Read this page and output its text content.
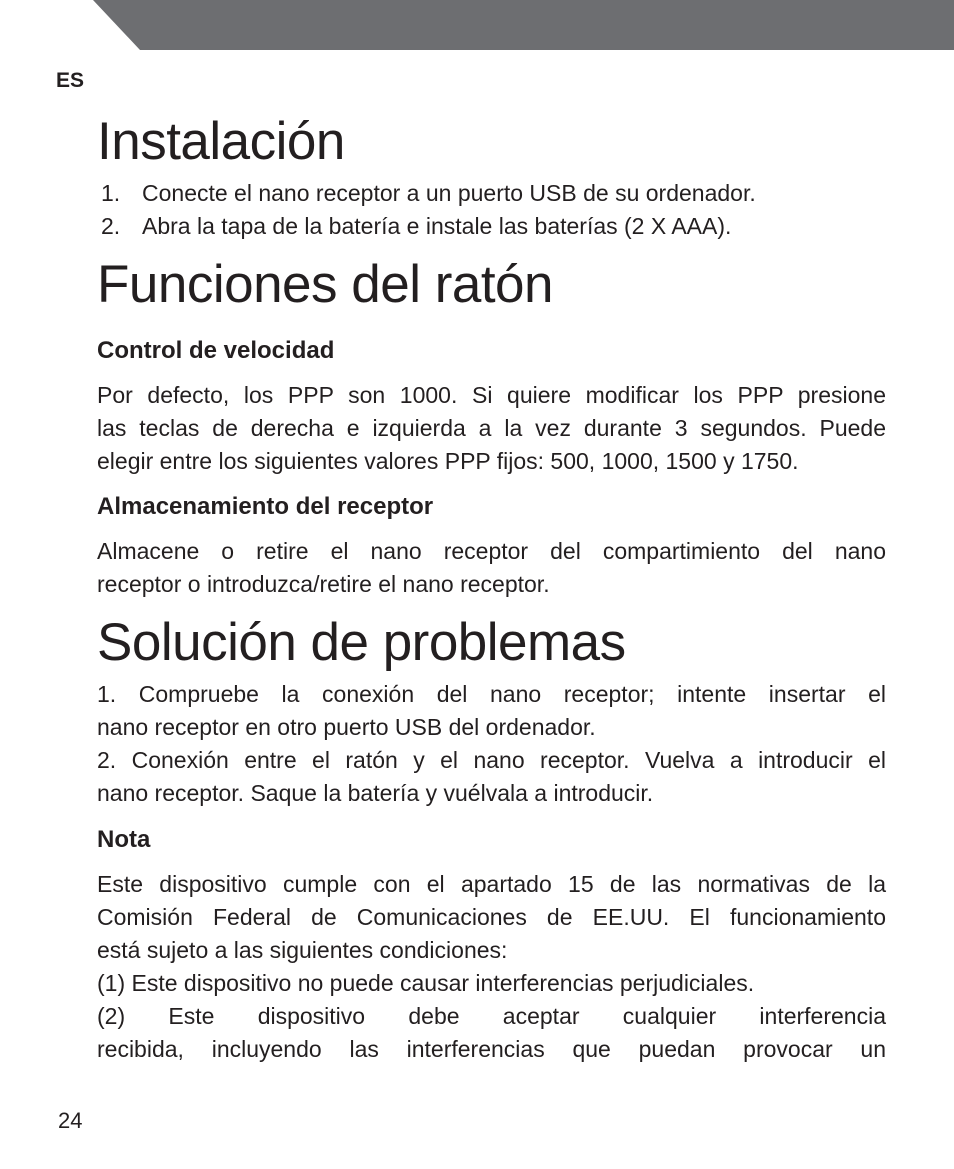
ES
Instalación
1. Conecte el nano receptor a un puerto USB de su ordenador.
2. Abra la tapa de la batería e instale las baterías (2 X AAA).
Funciones del ratón
Control de velocidad

Por defecto, los PPP son 1000. Si quiere modificar los PPP presione
las teclas de derecha e izquierda a la vez durante 3 segundos. Puede
elegir entre los siguientes valores PPP fijos: 500, 1000, 1500 y 1750.

Almacenamiento del receptor

Almacene o retire el nano receptor del compartimiento del nano
receptor o introduzca/retire el nano receptor.

Solución de problemas

1. Compruebe la conexión del nano receptor; intente insertar el
nano receptor en otro puerto USB del ordenador.
2. Conexión entre el ratón y el nano receptor. Vuelva a introducir el
nano receptor. Saque la batería y vuélvala a introducir.

Nota

Este dispositivo cumple con el apartado 15 de las normativas de la
Comisión Federal de Comunicaciones de EE.UU. El funcionamiento
está sujeto a las siguientes condiciones:
(1) Este dispositivo no puede causar interferencias perjudiciales.
(2) Este dispositivo debe aceptar cualquier interferencia
recibida, incluyendo las interferencias que puedan provocar un

24
